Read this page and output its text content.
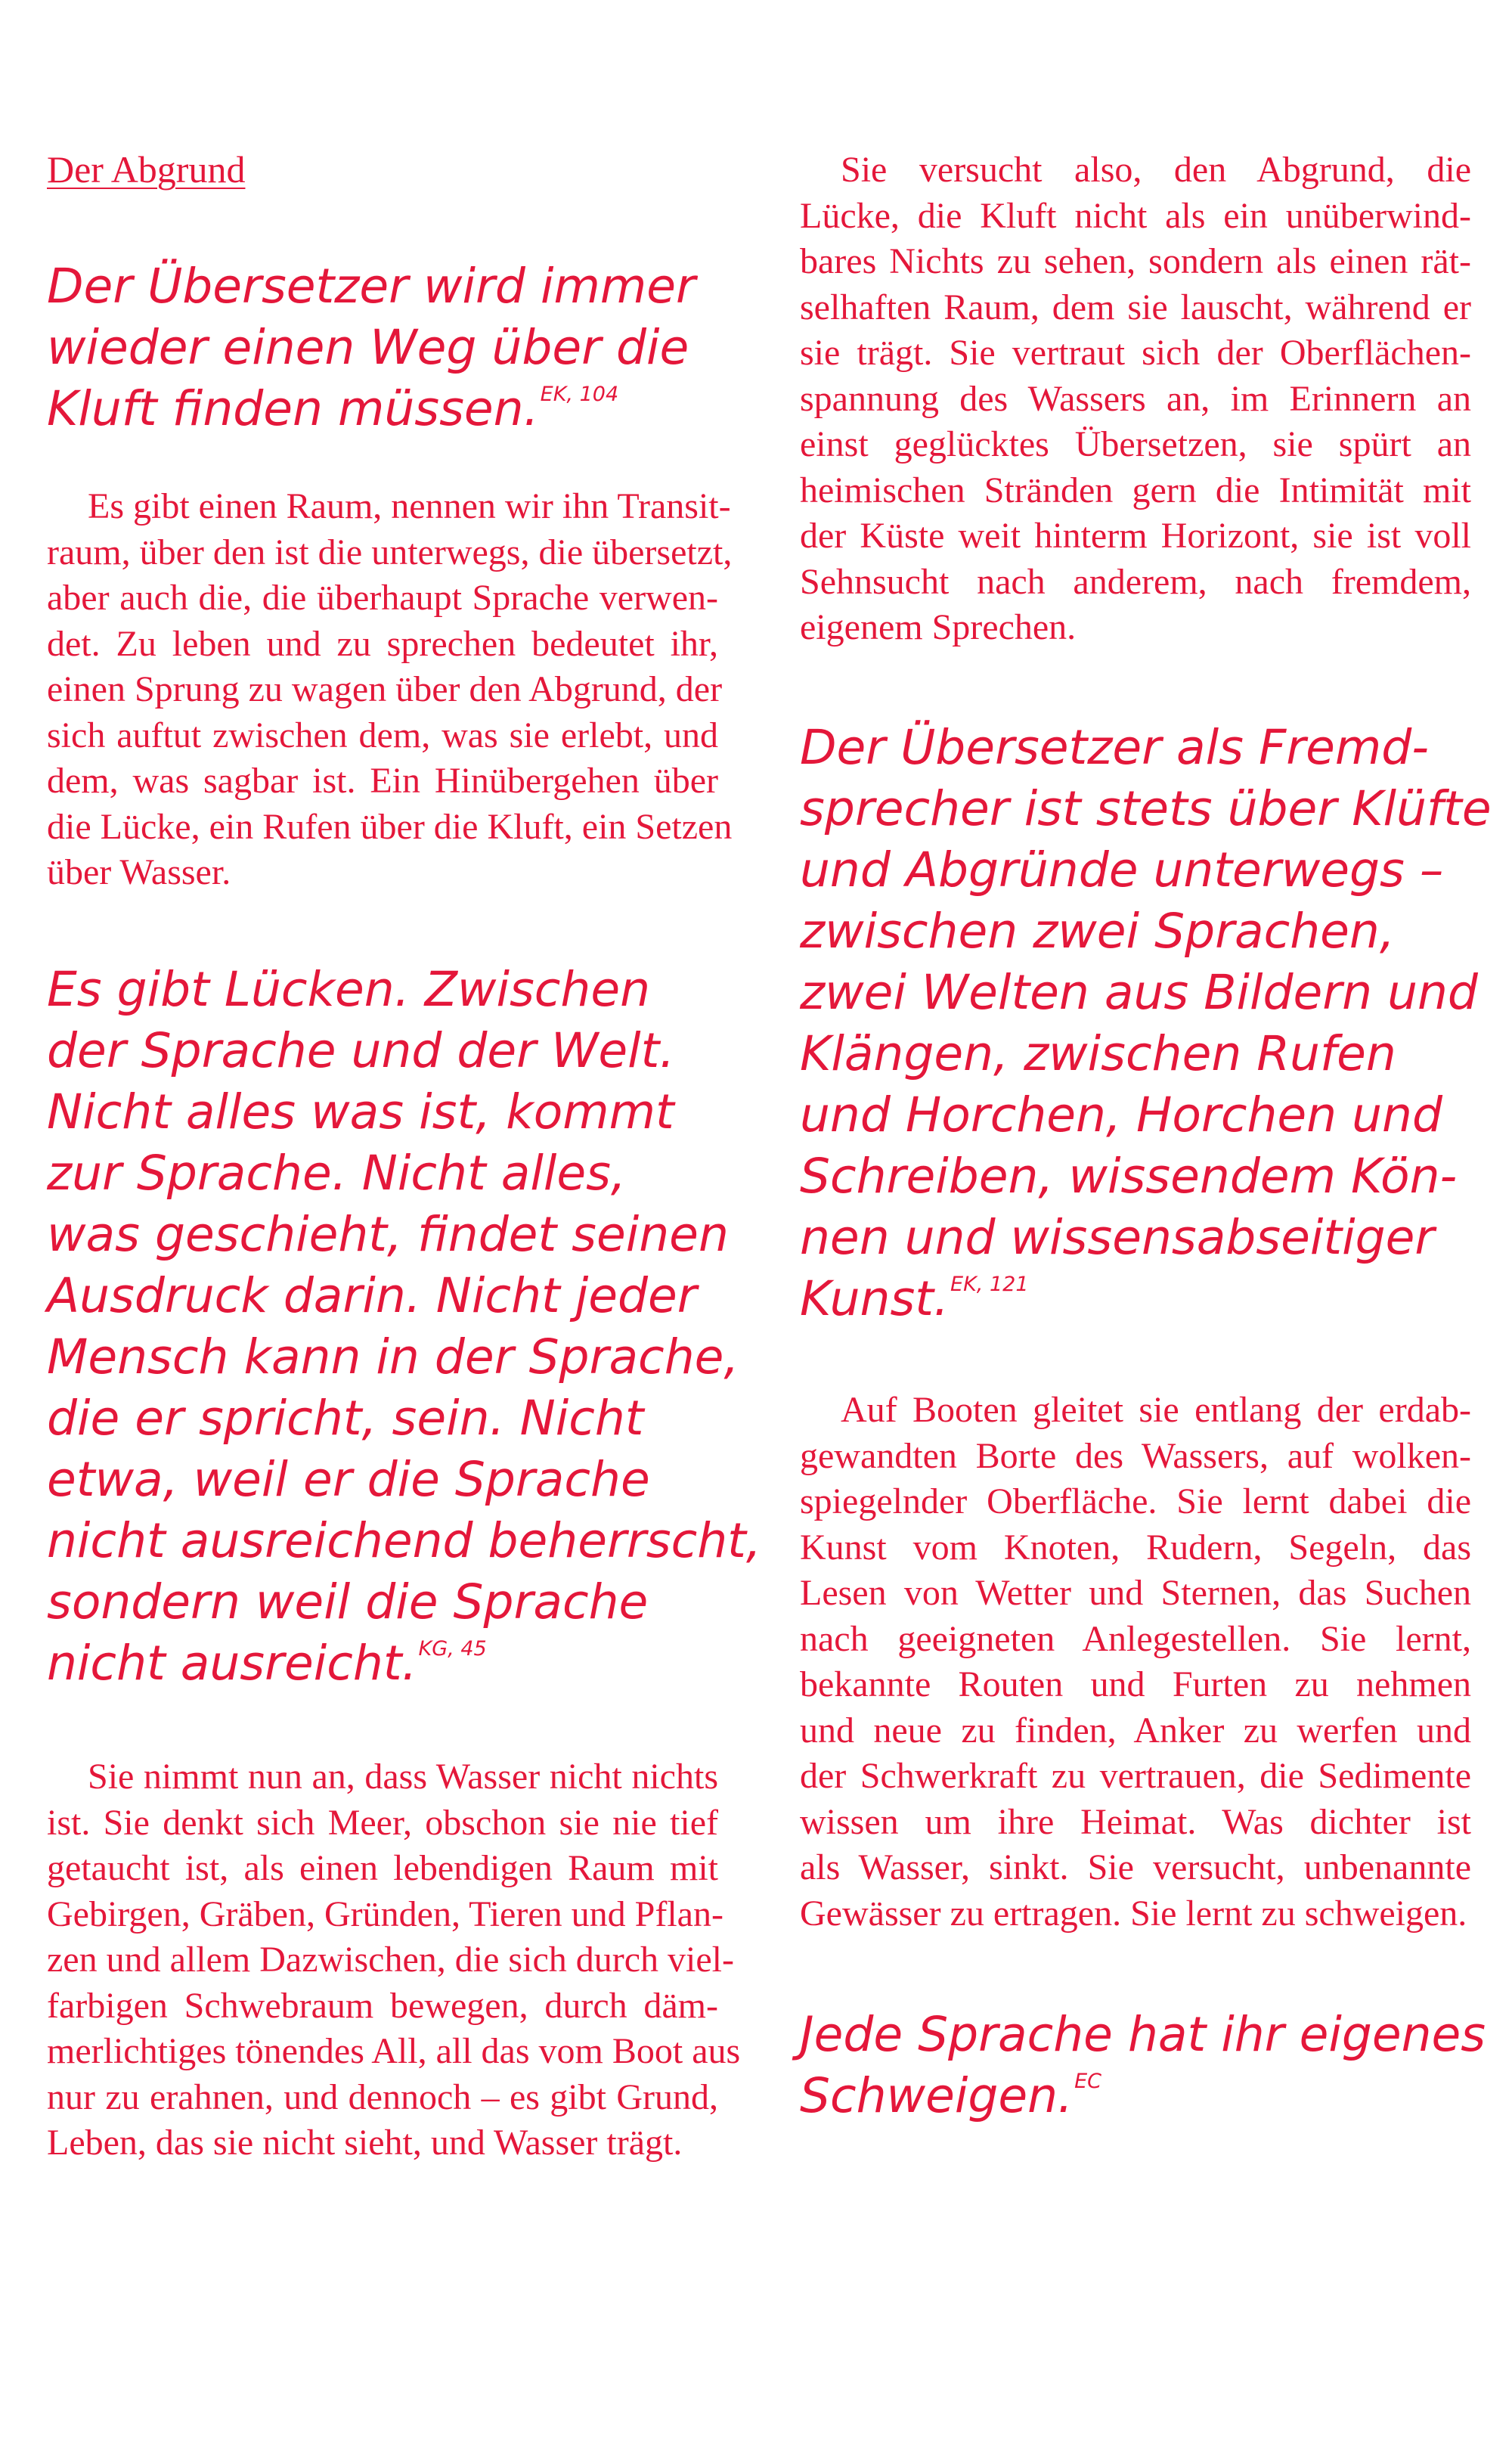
Der Abgrund
Der Übersetzer wird immer
wieder einen Weg über die
Kluft finden müssen.$^{EK, 104}$
Es gibt einen Raum, nennen wir ihn Transit-
raum, über den ist die unterwegs, die übersetzt,
aber auch die, die überhaupt Sprache verwen-
det. Zu leben und zu sprechen bedeutet ihr,
einen Sprung zu wagen über den Abgrund, der
sich auftut zwischen dem, was sie erlebt, und
dem, was sagbar ist. Ein Hinübergehen über
die Lücke, ein Rufen über die Kluft, ein Setzen
über Wasser.
Es gibt Lücken. Zwischen
der Sprache und der Welt.
Nicht alles was ist, kommt
zur Sprache. Nicht alles,
was geschieht, findet seinen
Ausdruck darin. Nicht jeder
Mensch kann in der Sprache,
die er spricht, sein. Nicht
etwa, weil er die Sprache
nicht ausreichend beherrscht,
sondern weil die Sprache
nicht ausreicht.$^{KG, 45}$
Sie nimmt nun an, dass Wasser nicht nichts
ist. Sie denkt sich Meer, obschon sie nie tief
getaucht ist, als einen lebendigen Raum mit
Gebirgen, Gräben, Gründen, Tieren und Pflan-
zen und allem Dazwischen, die sich durch viel-
farbigen Schwebraum bewegen, durch däm-
merlichtiges tönendes All, all das vom Boot aus
nur zu erahnen, und dennoch – es gibt Grund,
Leben, das sie nicht sieht, und Wasser trägt.
Sie versucht also, den Abgrund, die
Lücke, die Kluft nicht als ein unüberwind-
bares Nichts zu sehen, sondern als einen rät-
selhaften Raum, dem sie lauscht, während er
sie trägt. Sie vertraut sich der Oberflächen-
spannung des Wassers an, im Erinnern an
einst geglücktes Übersetzen, sie spürt an
heimischen Stränden gern die Intimität mit
der Küste weit hinterm Horizont, sie ist voll
Sehnsucht nach anderem, nach fremdem,
eigenem Sprechen.
Der Übersetzer als Fremd-
sprecher ist stets über Klüfte
und Abgründe unterwegs –
zwischen zwei Sprachen,
zwei Welten aus Bildern und
Klängen, zwischen Rufen
und Horchen, Horchen und
Schreiben, wissendem Kön-
nen und wissensabseitiger
Kunst.$^{EK, 121}$
Auf Booten gleitet sie entlang der erdab-
gewandten Borte des Wassers, auf wolken-
spiegelnder Oberfläche. Sie lernt dabei die
Kunst vom Knoten, Rudern, Segeln, das
Lesen von Wetter und Sternen, das Suchen
nach geeigneten Anlegestellen. Sie lernt,
bekannte Routen und Furten zu nehmen
und neue zu finden, Anker zu werfen und
der Schwerkraft zu vertrauen, die Sedimente
wissen um ihre Heimat. Was dichter ist
als Wasser, sinkt. Sie versucht, unbenannte
Gewässer zu ertragen. Sie lernt zu schweigen.
Jede Sprache hat ihr eigenes
Schweigen.$^{EC}$
